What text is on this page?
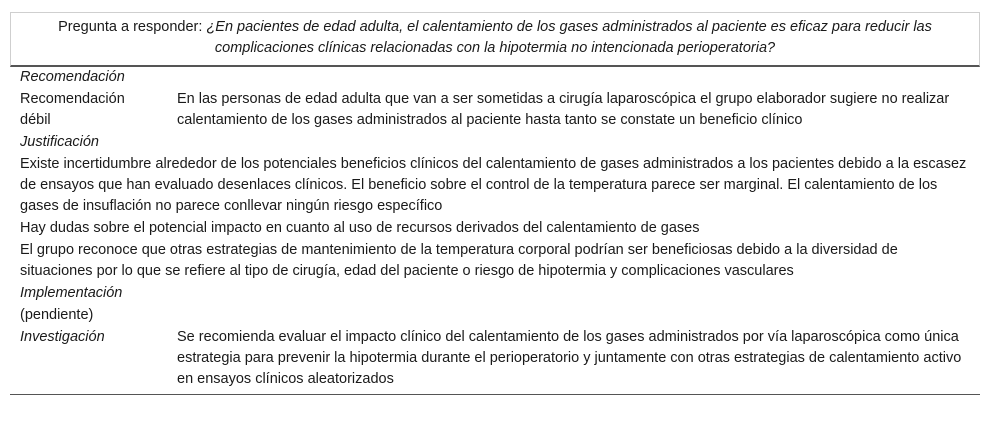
Pregunta a responder: ¿En pacientes de edad adulta, el calentamiento de los gases administrados al paciente es eficaz para reducir las complicaciones clínicas relacionadas con la hipotermia no intencionada perioperatoria?
Recomendación	
Recomendación débil	En las personas de edad adulta que van a ser sometidas a cirugía laparoscópica el grupo elaborador sugiere no realizar calentamiento de los gases administrados al paciente hasta tanto se constate un beneficio clínico
Justificación	
Existe incertidumbre alrededor de los potenciales beneficios clínicos del calentamiento de gases administrados a los pacientes debido a la escasez de ensayos que han evaluado desenlaces clínicos. El beneficio sobre el control de la temperatura parece ser marginal. El calentamiento de los gases de insuflación no parece conllevar ningún riesgo específico	
Hay dudas sobre el potencial impacto en cuanto al uso de recursos derivados del calentamiento de gases	
El grupo reconoce que otras estrategias de mantenimiento de la temperatura corporal podrían ser beneficiosas debido a la diversidad de situaciones por lo que se refiere al tipo de cirugía, edad del paciente o riesgo de hipotermia y complicaciones vasculares	
Implementación	
(pendiente)	
Investigación	Se recomienda evaluar el impacto clínico del calentamiento de los gases administrados por vía laparoscópica como única estrategia para prevenir la hipotermia durante el perioperatorio y juntamente con otras estrategias de calentamiento activo en ensayos clínicos aleatorizados
